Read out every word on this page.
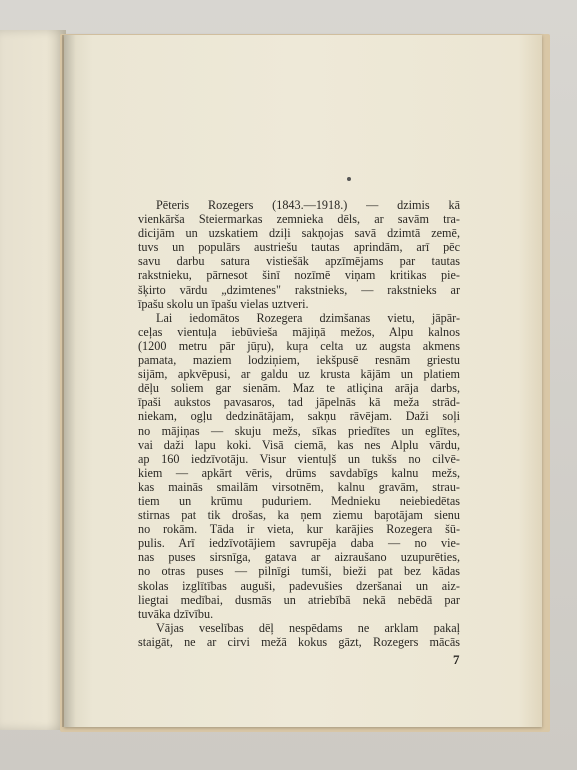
Pēteris Rozegers (1843.—1918.) — dzimis kā
vienkārša Steiermarkas zemnieka dēls, ar savām tra-
dicijām un uzskatiem dziļi sakņojas savā dzimtā zemē,
tuvs un populārs austriešu tautas aprindām, arī pēc
savu darbu satura vistiešāk apzīmējams par tautas
rakstnieku, pārnesot šinī nozīmē viņam kritikas pie-
šķirto vārdu „dzimtenes" rakstnieks, — rakstnieks ar
īpašu skolu un īpašu vielas uztveri.
Lai iedomātos Rozegera dzimšanas vietu, jāpār-
ceļas vientuļa iebūvieša mājiņā mežos, Alpu kalnos
(1200 metru pār jūŗu), kuŗa celta uz augsta akmens
pamata, maziem lodziņiem, iekšpusē resnām griestu
sijām, apkvēpusi, ar galdu uz krusta kājām un platiem
dēļu soliem gar sienām. Maz te atliçina arāja darbs,
īpaši aukstos pavasaros, tad jāpelnās kā meža strād-
niekam, ogļu dedzinātājam, sakņu rāvējam. Daži soļi
no mājiņas — skuju mežs, sīkas priedītes un eglītes,
vai daži lapu koki. Visā ciemā, kas nes Alplu vārdu,
ap 160 iedzīvotāju. Visur vientuļš un tukšs no cilvē-
kiem — apkārt vēris, drūms savdabīgs kalnu mežs,
kas mainās smailām virsotnēm, kalnu gravām, strau-
tiem un krūmu puduriem. Mednieku neiebiedētas
stirnas pat tik drošas, ka ņem ziemu baŗotājam sienu
no rokām. Tāda ir vieta, kur karājies Rozegera šū-
pulis. Arī iedzīvotājiem savrupēja daba — no vie-
nas puses sirsnīga, gatava ar aizraušano uzupurēties,
no otras puses — pilnīgi tumši, bieži pat bez kādas
skolas izglītības auguši, padevušies dzeršanai un aiz-
liegtai medībai, dusmās un atriebībā nekā nebēdā par
tuvāka dzīvību.
Vājas veselības dēļ nespēdams ne arklam pakaļ
staigāt, ne ar cirvi mežā kokus gāzt, Rozegers mācās
7
